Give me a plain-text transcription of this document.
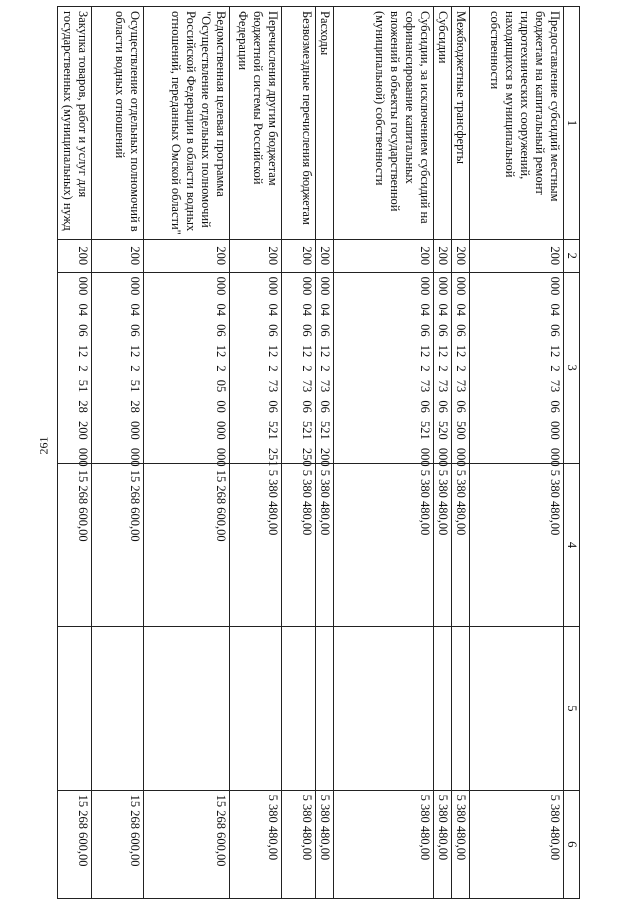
261
1	2	3	4	5	6
Предоставление субсидий местным бюджетам на капитальный ремонт гидротехнических сооружений, находящихся в муниципальной собственности	200	000 04 06 12 2 73 06 000 000	5 380 480,00		5 380 480,00
Межбюджетные трансферты	200	000 04 06 12 2 73 06 500 000	5 380 480,00		5 380 480,00
Субсидии	200	000 04 06 12 2 73 06 520 000	5 380 480,00		5 380 480,00
Субсидии, за исключением субсидий на софинансирование капитальных вложений в объекты государственной (муниципальной) собственности	200	000 04 06 12 2 73 06 521 000	5 380 480,00		5 380 480,00
Расходы	200	000 04 06 12 2 73 06 521 200	5 380 480,00		5 380 480,00
Безвозмездные перечисления бюджетам	200	000 04 06 12 2 73 06 521 250	5 380 480,00		5 380 480,00
Перечисления другим бюджетам бюджетной системы Российской Федерации	200	000 04 06 12 2 73 06 521 251	5 380 480,00		5 380 480,00
Ведомственная целевая программа "Осуществление отдельных полномочий Российской Федерации в области водных отношений, переданных Омской области"	200	000 04 06 12 2 05 00 000 000	15 268 600,00		15 268 600,00
Осуществление отдельных полномочий в области водных отношений	200	000 04 06 12 2 51 28 000 000	15 268 600,00		15 268 600,00
Закупка товаров, работ и услуг для государственных (муниципальных) нужд	200	000 04 06 12 2 51 28 200 000	15 268 600,00		15 268 600,00
